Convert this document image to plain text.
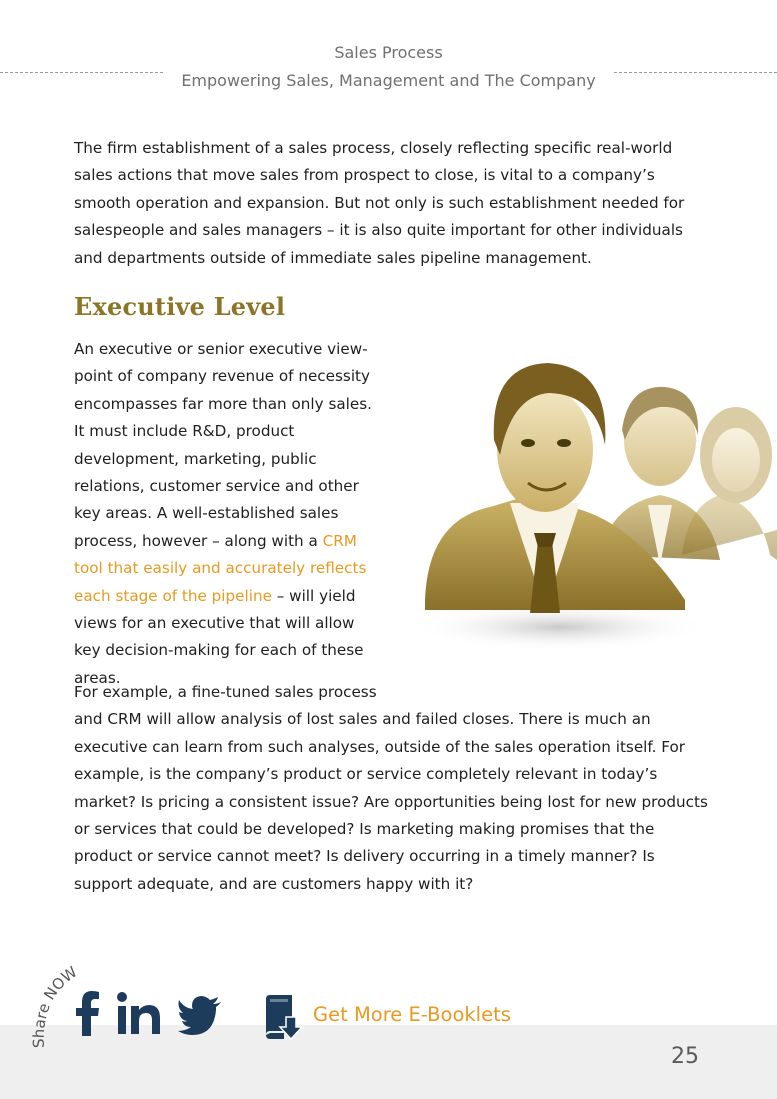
Sales Process
Empowering Sales, Management and The Company
The firm establishment of a sales process, closely reflecting specific real-world sales actions that move sales from prospect to close, is vital to a company’s smooth operation and expansion. But not only is such establishment needed for salespeople and sales managers – it is also quite important for other individuals and departments outside of immediate sales pipeline management.
Executive Level
An executive or senior executive view-point of company revenue of necessity encompasses far more than only sales. It must include R&D, product development, marketing, public relations, customer service and other key areas. A well-established sales process, however – along with a CRM tool that easily and accurately reflects each stage of the pipeline – will yield views for an executive that will allow key decision-making for each of these areas.
For example, a fine-tuned sales process
and CRM will allow analysis of lost sales and failed closes. There is much an executive can learn from such analyses, outside of the sales operation itself. For example, is the company’s product or service completely relevant in today’s market? Is pricing a consistent issue? Are opportunities being lost for new products or services that could be developed? Is marketing making promises that the product or service cannot meet? Is delivery occurring in a timely manner? Is support adequate, and are customers happy with it?
25
Share NOW
Get More E-Booklets
